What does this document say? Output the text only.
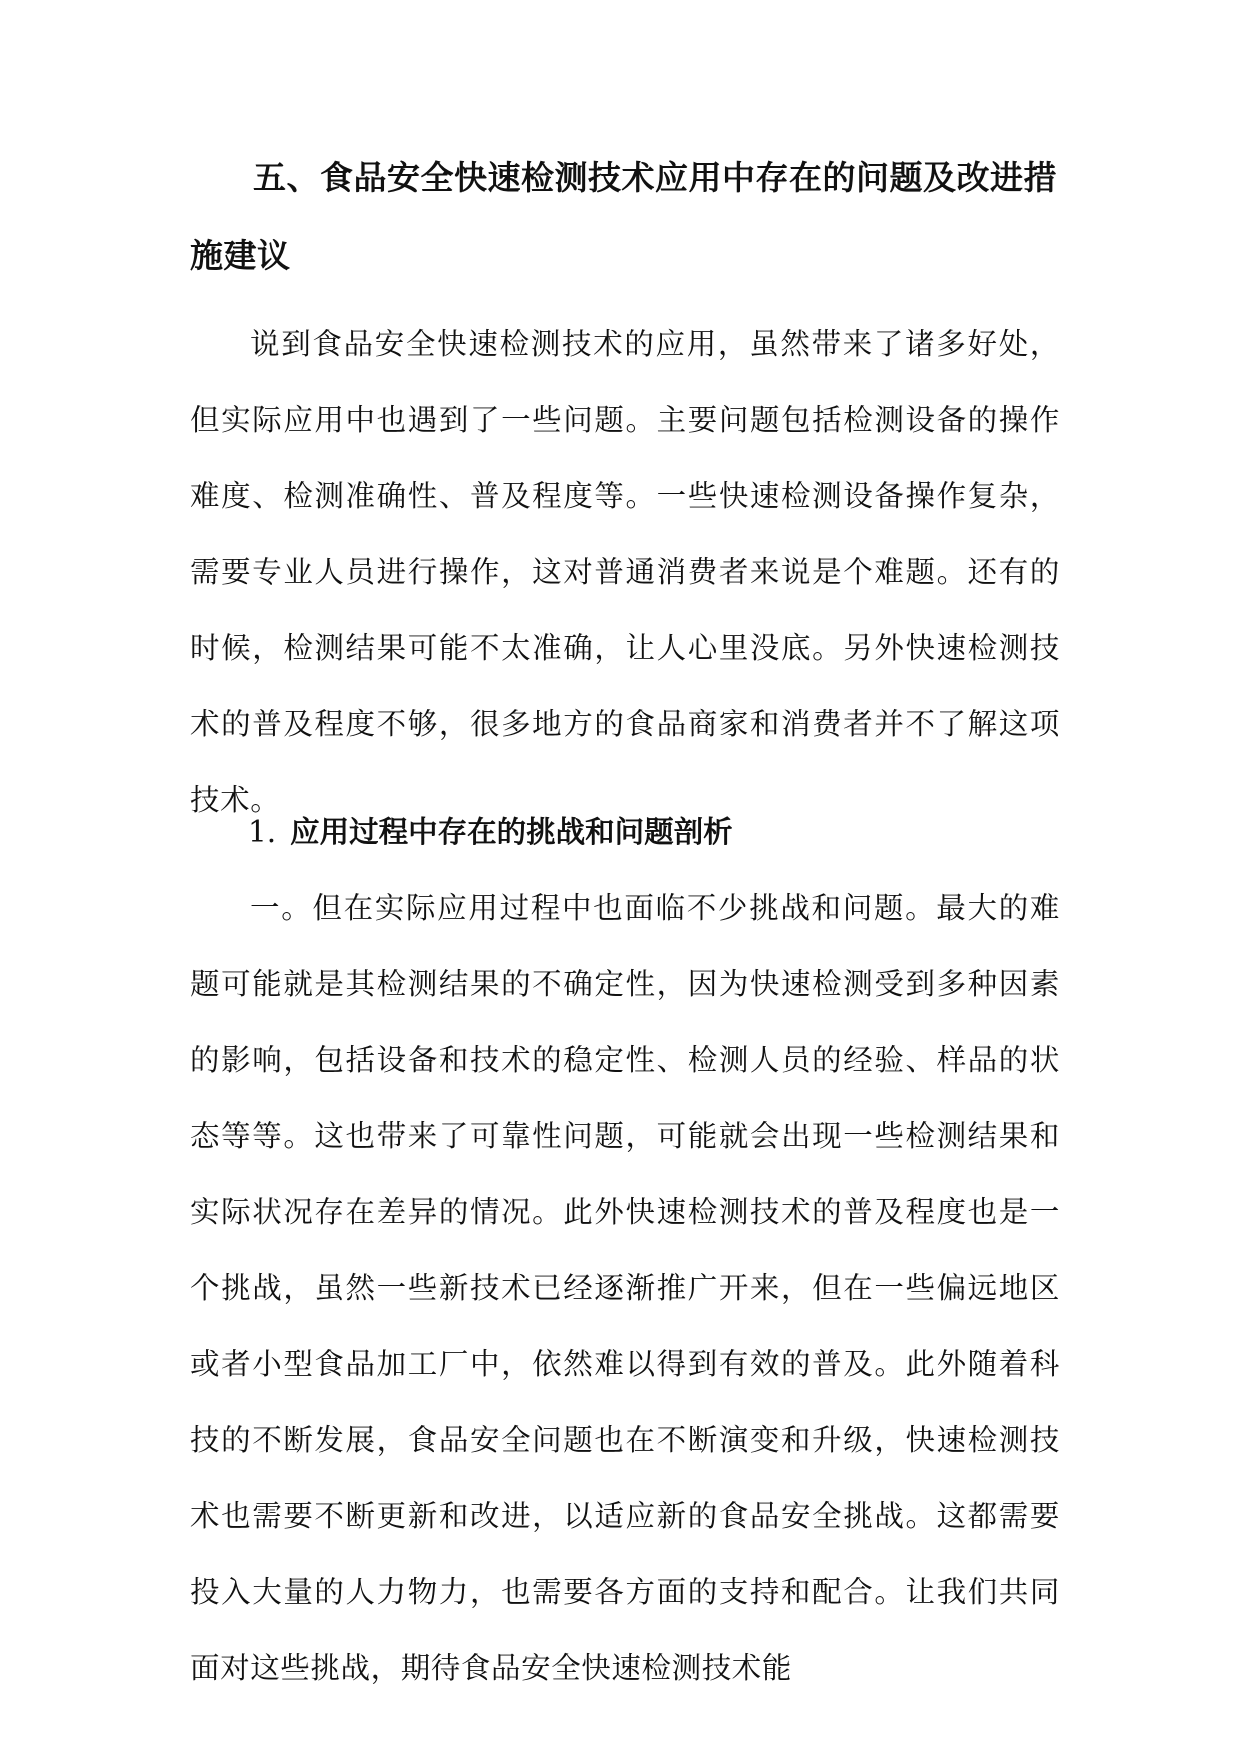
五、食品安全快速检测技术应用中存在的问题及改进措施建议

说到食品安全快速检测技术的应用，虽然带来了诸多好处，但实际应用中也遇到了一些问题。主要问题包括检测设备的操作难度、检测准确性、普及程度等。一些快速检测设备操作复杂，需要专业人员进行操作，这对普通消费者来说是个难题。还有的时候，检测结果可能不太准确，让人心里没底。另外快速检测技术的普及程度不够，很多地方的食品商家和消费者并不了解这项技术。

1. 应用过程中存在的挑战和问题剖析

一。但在实际应用过程中也面临不少挑战和问题。最大的难题可能就是其检测结果的不确定性，因为快速检测受到多种因素的影响，包括设备和技术的稳定性、检测人员的经验、样品的状态等等。这也带来了可靠性问题，可能就会出现一些检测结果和实际状况存在差异的情况。此外快速检测技术的普及程度也是一个挑战，虽然一些新技术已经逐渐推广开来，但在一些偏远地区或者小型食品加工厂中，依然难以得到有效的普及。此外随着科技的不断发展，食品安全问题也在不断演变和升级，快速检测技术也需要不断更新和改进，以适应新的食品安全挑战。这都需要投入大量的人力物力，也需要各方面的支持和配合。让我们共同面对这些挑战，期待食品安全快速检测技术能
